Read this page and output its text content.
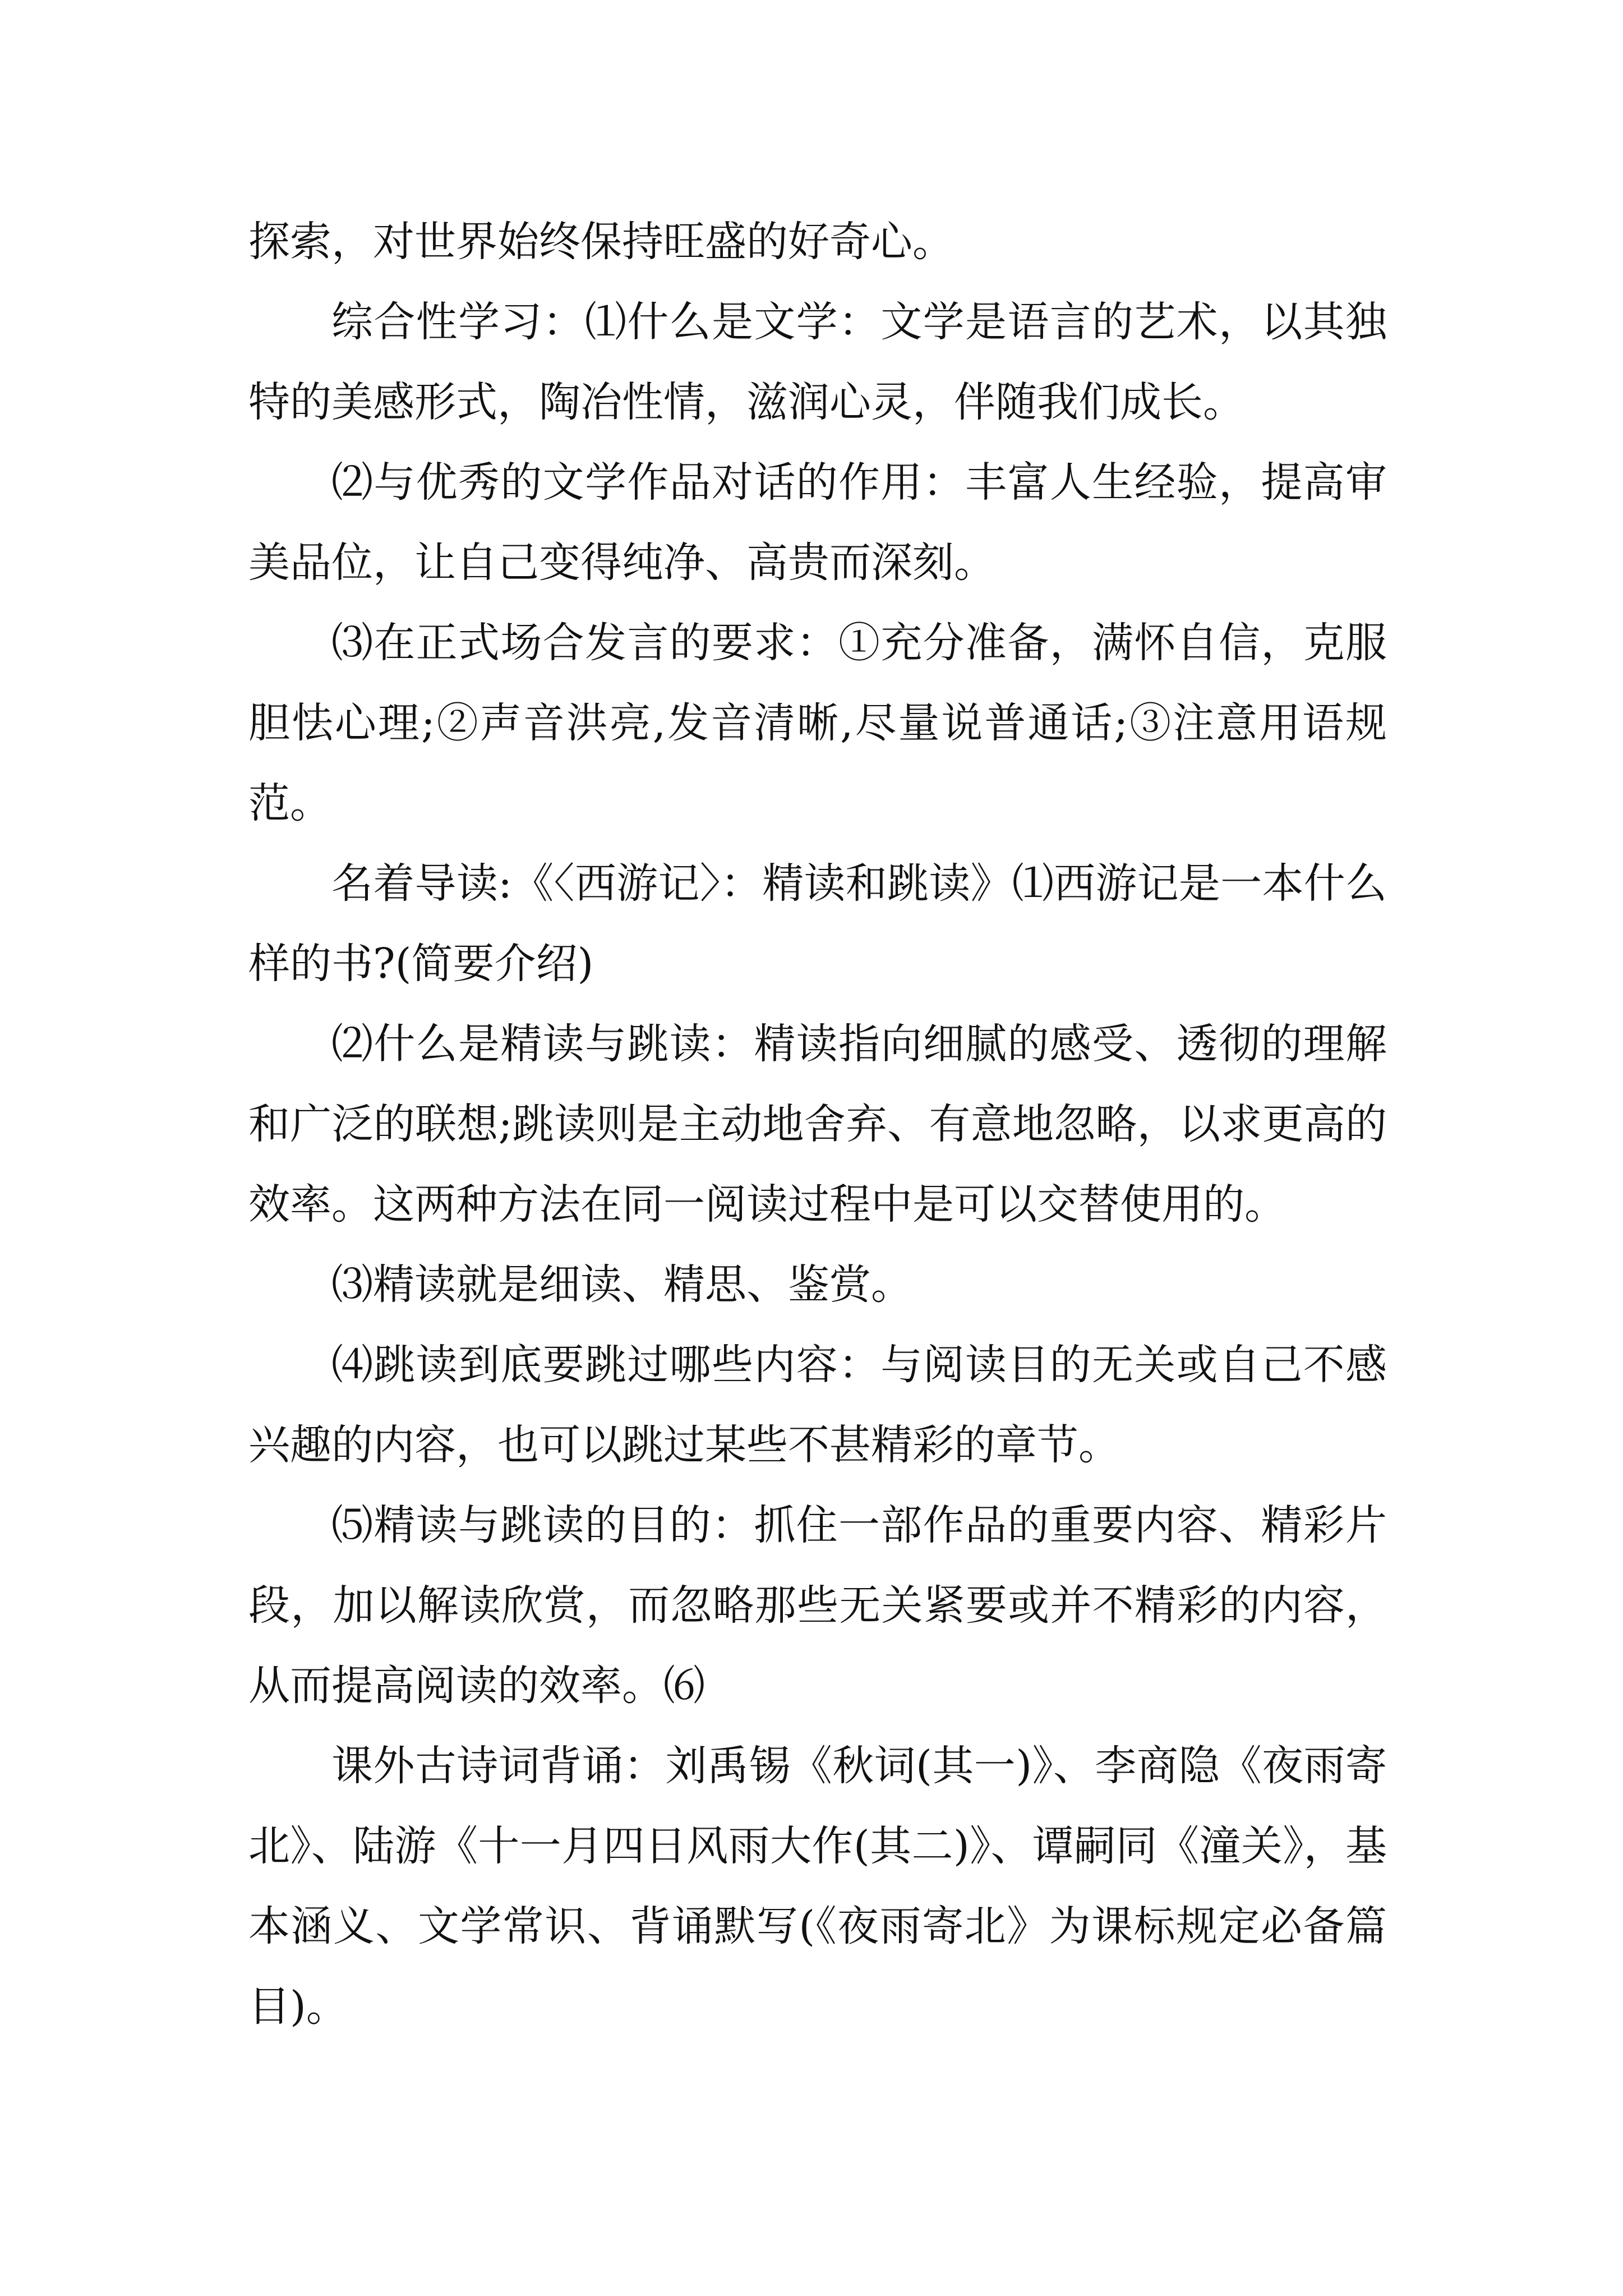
探索，对世界始终保持旺盛的好奇心。

综合性学习：⑴什么是文学：文学是语言的艺术，以其独特的美感形式，陶冶性情，滋润心灵，伴随我们成长。

⑵与优秀的文学作品对话的作用：丰富人生经验，提高审美品位，让自己变得纯净、高贵而深刻。

⑶在正式场合发言的要求：①充分准备，满怀自信，克服胆怯心理;②声音洪亮,发音清晰,尽量说普通话;③注意用语规范。

名着导读:《〈西游记〉：精读和跳读》⑴西游记是一本什么样的书?(简要介绍)

⑵什么是精读与跳读：精读指向细腻的感受、透彻的理解和广泛的联想;跳读则是主动地舍弃、有意地忽略，以求更高的效率。这两种方法在同一阅读过程中是可以交替使用的。

⑶精读就是细读、精思、鉴赏。

⑷跳读到底要跳过哪些内容：与阅读目的无关或自己不感兴趣的内容，也可以跳过某些不甚精彩的章节。

⑸精读与跳读的目的：抓住一部作品的重要内容、精彩片段，加以解读欣赏，而忽略那些无关紧要或并不精彩的内容，从而提高阅读的效率。⑹

课外古诗词背诵：刘禹锡《秋词(其一)》、李商隐《夜雨寄北》、陆游《十一月四日风雨大作(其二)》、谭嗣同《潼关》，基本涵义、文学常识、背诵默写(《夜雨寄北》为课标规定必备篇目)。
